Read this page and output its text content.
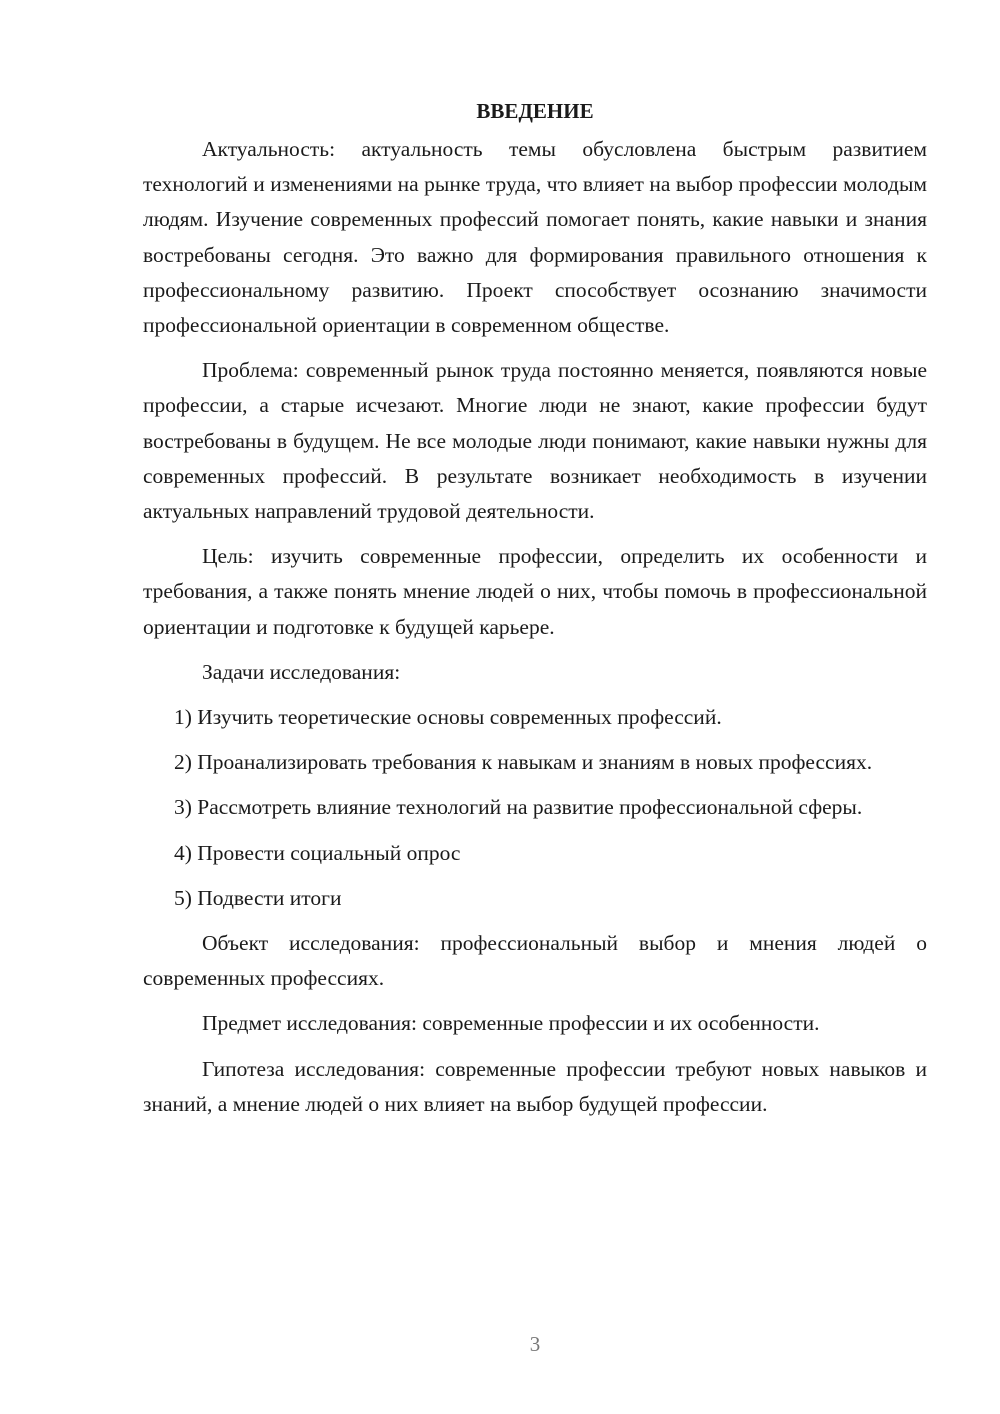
ВВЕДЕНИЕ

Актуальность: актуальность темы обусловлена быстрым развитием технологий и изменениями на рынке труда, что влияет на выбор профессии молодым людям. Изучение современных профессий помогает понять, какие навыки и знания востребованы сегодня. Это важно для формирования правильного отношения к профессиональному развитию. Проект способствует осознанию значимости профессиональной ориентации в современном обществе.

Проблема: современный рынок труда постоянно меняется, появляются новые профессии, а старые исчезают. Многие люди не знают, какие профессии будут востребованы в будущем. Не все молодые люди понимают, какие навыки нужны для современных профессий. В результате возникает необходимость в изучении актуальных направлений трудовой деятельности.

Цель: изучить современные профессии, определить их особенности и требования, а также понять мнение людей о них, чтобы помочь в профессиональной ориентации и подготовке к будущей карьере.

Задачи исследования:

1) Изучить теоретические основы современных профессий.

2) Проанализировать требования к навыкам и знаниям в новых профессиях.

3) Рассмотреть влияние технологий на развитие профессиональной сферы.

4) Провести социальный опрос

5) Подвести итоги

Объект исследования: профессиональный выбор и мнения людей о современных профессиях.

Предмет исследования: современные профессии и их особенности.

Гипотеза исследования: современные профессии требуют новых навыков и знаний, а мнение людей о них влияет на выбор будущей профессии.

3
